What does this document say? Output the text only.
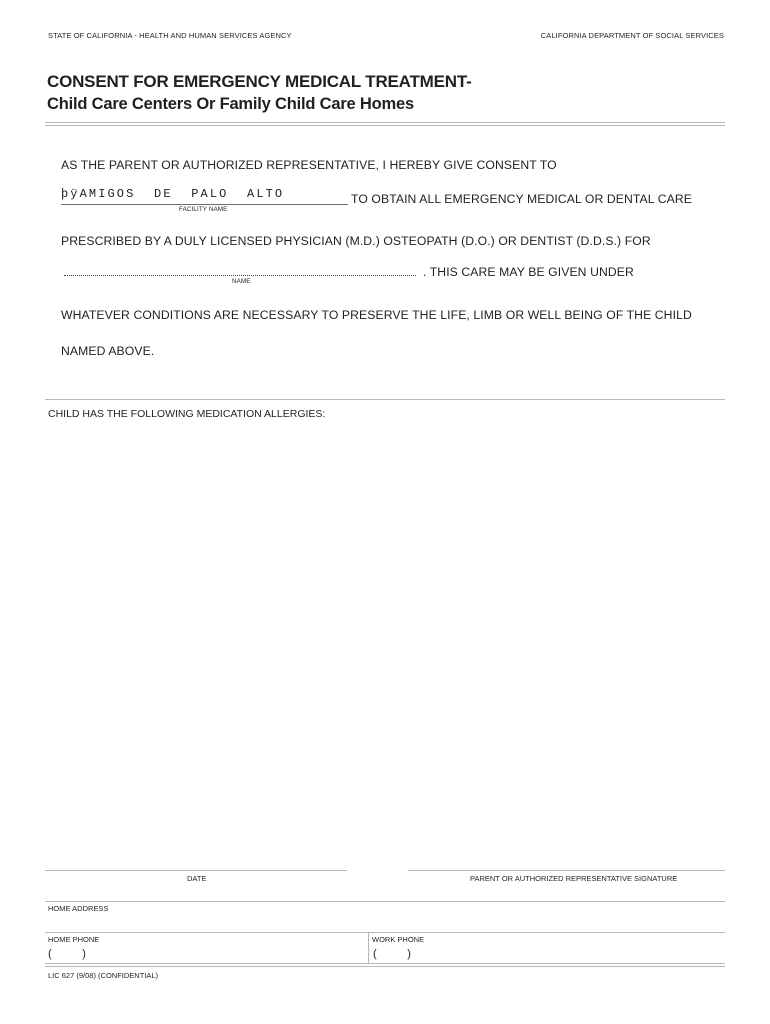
STATE OF CALIFORNIA - HEALTH AND HUMAN SERVICES AGENCY	CALIFORNIA DEPARTMENT OF SOCIAL SERVICES
CONSENT FOR EMERGENCY MEDICAL TREATMENT-
Child Care Centers Or Family Child Care Homes
AS THE PARENT OR AUTHORIZED REPRESENTATIVE, I HEREBY GIVE CONSENT TO
þÿAMIGOS  DE  PALO  ALTO
FACILITY NAME
TO OBTAIN ALL EMERGENCY MEDICAL OR DENTAL CARE
PRESCRIBED BY A DULY LICENSED PHYSICIAN (M.D.) OSTEOPATH (D.O.) OR DENTIST (D.D.S.) FOR
NAME
. THIS CARE MAY BE GIVEN UNDER
WHATEVER CONDITIONS ARE NECESSARY TO PRESERVE THE LIFE, LIMB OR WELL BEING OF THE CHILD
NAMED ABOVE.
CHILD HAS THE FOLLOWING MEDICATION ALLERGIES:
DATE	PARENT OR AUTHORIZED REPRESENTATIVE SIGNATURE
HOME ADDRESS
HOME PHONE
(          )
WORK PHONE
(          )
LIC 627 (9/08) (CONFIDENTIAL)
